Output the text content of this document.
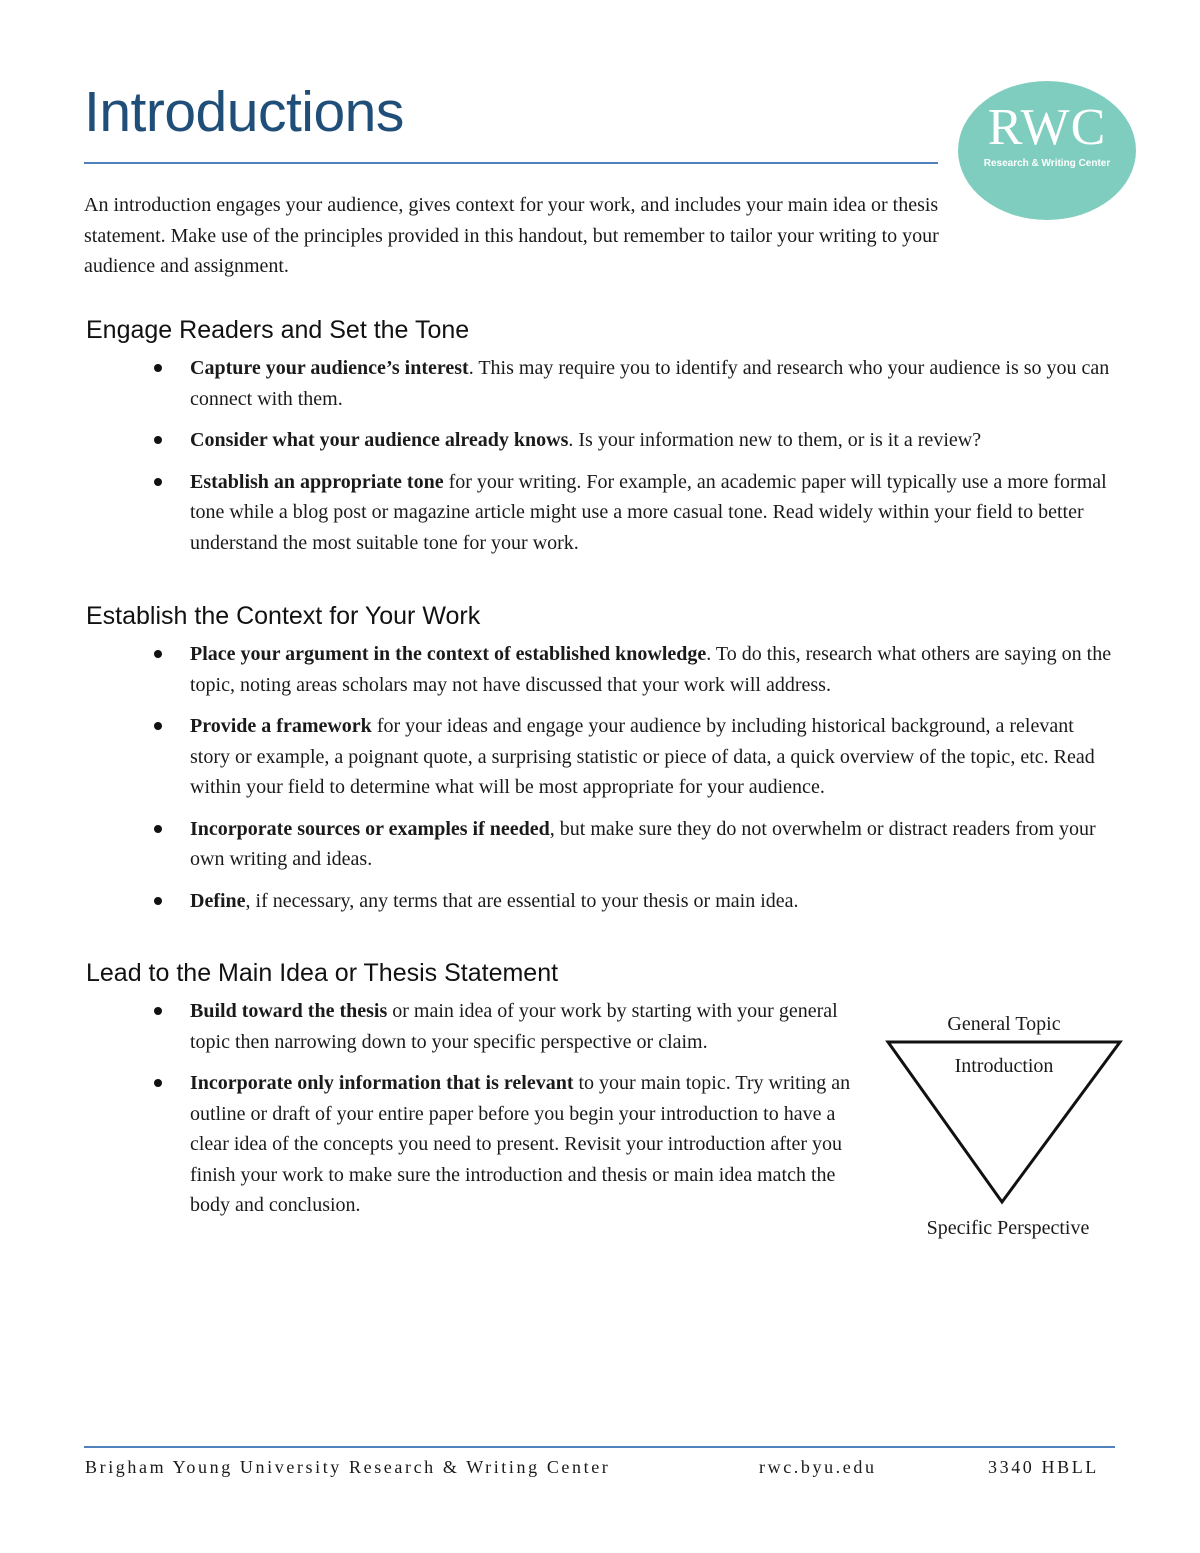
Introductions	RWC
Research & Writing Center

An introduction engages your audience, gives context for your work, and includes your main idea or thesis statement. Make use of the principles provided in this handout, but remember to tailor your writing to your audience and assignment.

Engage Readers and Set the Tone
Capture your audience’s interest. This may require you to identify and research who your audience is so you can connect with them.
Consider what your audience already knows. Is your information new to them, or is it a review?
Establish an appropriate tone for your writing. For example, an academic paper will typically use a more formal tone while a blog post or magazine article might use a more casual tone. Read widely within your field to better understand the most suitable tone for your work.
Establish the Context for Your Work
Place your argument in the context of established knowledge. To do this, research what others are saying on the topic, noting areas scholars may not have discussed that your work will address.
Provide a framework for your ideas and engage your audience by including historical background, a relevant story or example, a poignant quote, a surprising statistic or piece of data, a quick overview of the topic, etc. Read within your field to determine what will be most appropriate for your audience.
Incorporate sources or examples if needed, but make sure they do not overwhelm or distract readers from your own writing and ideas.
Define, if necessary, any terms that are essential to your thesis or main idea.
Lead to the Main Idea or Thesis Statement
Build toward the thesis or main idea of your work by starting with your general topic then narrowing down to your specific perspective or claim.
Incorporate only information that is relevant to your main topic. Try writing an outline or draft of your entire paper before you begin your introduction to have a clear idea of the concepts you need to present. Revisit your introduction after you finish your work to make sure the introduction and thesis or main idea match the body and conclusion.
General Topic
Introduction
Specific Perspective
Brigham Young University Research & Writing Center	rwc.byu.edu	3340 HBLL
